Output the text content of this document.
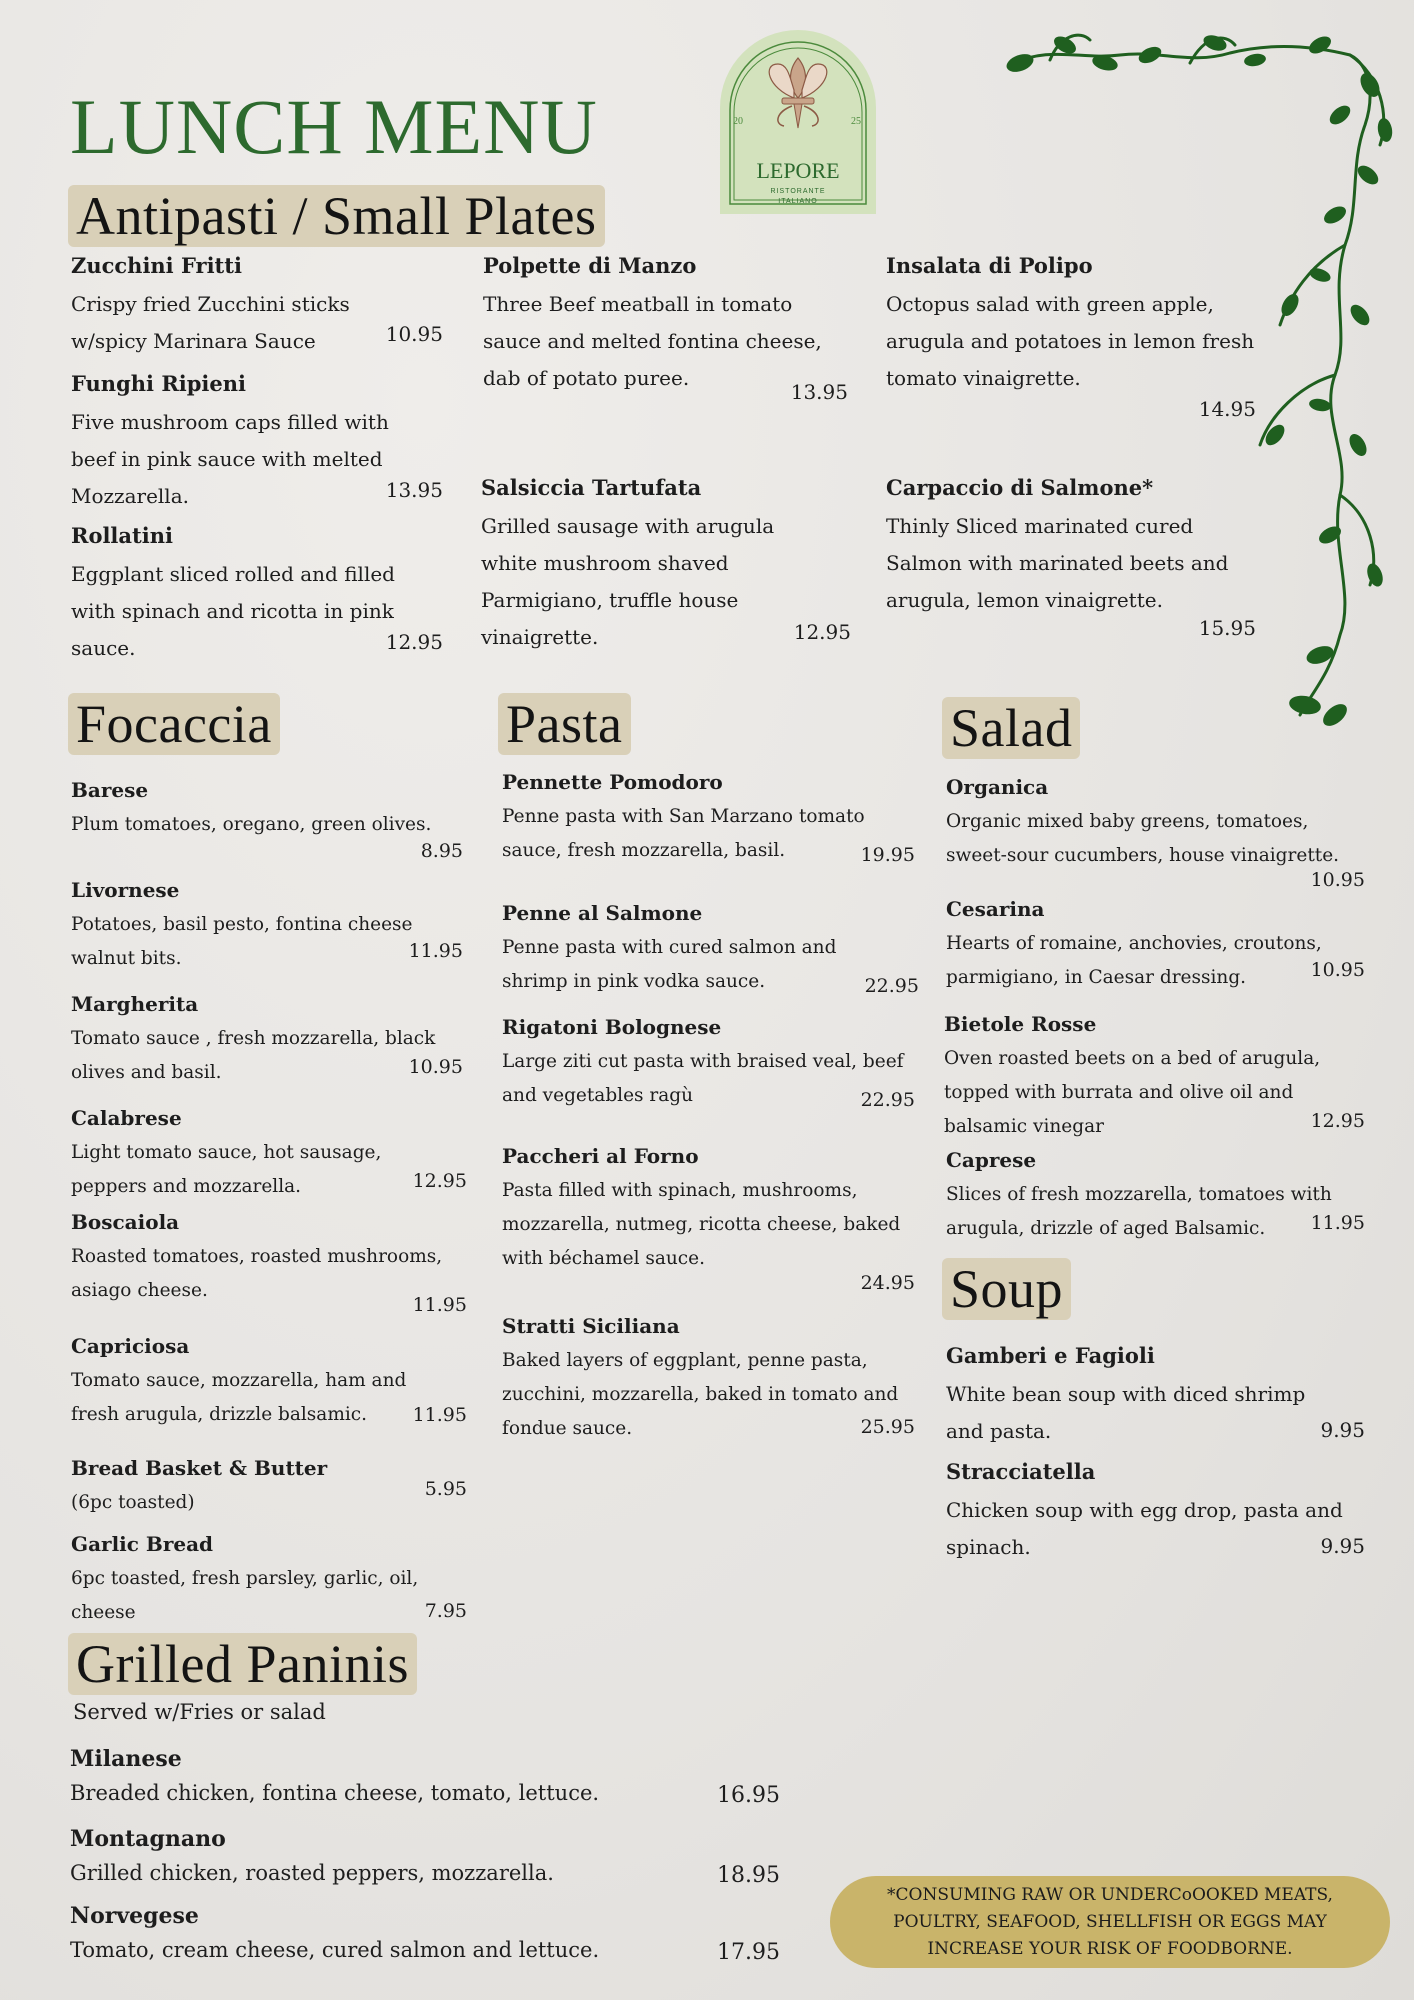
LUNCH MENU	20	25
LEPORE
RISTORANTE
ITALIANO
Antipasti / Small Plates

Zucchini Fritti

Crispy fried Zucchini sticks w/spicy Marinara Sauce	10.95

Funghi Ripieni

Five mushroom caps filled with beef in pink sauce with melted Mozzarella.	13.95

Rollatini

Eggplant sliced rolled and filled with spinach and ricotta in pink sauce.	12.95

Polpette di Manzo

Three Beef meatball in tomato sauce and melted fontina cheese, dab of potato puree.

13.95

Salsiccia Tartufata

Grilled sausage with arugula white mushroom shaved Parmigiano, truffle house vinaigrette.	12.95

Insalata di Polipo

Octopus salad with green apple, arugula and potatoes in lemon fresh tomato vinaigrette.

14.95

Carpaccio di Salmone*

Thinly Sliced marinated cured Salmon with marinated beets and arugula, lemon vinaigrette.

15.95
Focaccia

Barese

Plum tomatoes, oregano, green olives.

8.95

Livornese

Potatoes, basil pesto, fontina cheese walnut bits.	11.95

Margherita

Tomato sauce , fresh mozzarella, black olives and basil.	10.95

Calabrese

Light tomato sauce, hot sausage, peppers and mozzarella.	12.95

Boscaiola

Roasted tomatoes, roasted mushrooms, asiago cheese.

11.95

Capriciosa

Tomato sauce, mozzarella, ham and fresh arugula, drizzle balsamic.	11.95

Bread Basket & Butter

(6pc toasted)

5.95

Garlic Bread

6pc toasted, fresh parsley, garlic, oil, cheese	7.95
Pasta

Pennette Pomodoro

Penne pasta with San Marzano tomato sauce, fresh mozzarella, basil.	19.95

Penne al Salmone

Penne pasta with cured salmon and shrimp in pink vodka sauce.	22.95

Rigatoni Bolognese

Large ziti cut pasta with braised veal, beef and vegetables ragù	22.95

Paccheri al Forno

Pasta filled with spinach, mushrooms, mozzarella, nutmeg, ricotta cheese, baked with béchamel sauce.

24.95

Stratti Siciliana

Baked layers of eggplant, penne pasta, zucchini, mozzarella, baked in tomato and fondue sauce.	25.95
Salad

Organica

Organic mixed baby greens, tomatoes, sweet-sour cucumbers, house vinaigrette.

10.95

Cesarina

Hearts of romaine, anchovies, croutons, parmigiano, in Caesar dressing.	10.95

Bietole Rosse

Oven roasted beets on a bed of arugula, topped with burrata and olive oil and balsamic vinegar	12.95

Caprese

Slices of fresh mozzarella, tomatoes with arugula, drizzle of aged Balsamic.	11.95
Soup

Gamberi e Fagioli

White bean soup with diced shrimp and pasta.	9.95

Stracciatella

Chicken soup with egg drop, pasta and spinach.	9.95
Grilled Paninis

Served w/Fries or salad

Milanese

Breaded chicken, fontina cheese, tomato, lettuce.	16.95

Montagnano

Grilled chicken, roasted peppers, mozzarella.	18.95

Norvegese

Tomato, cream cheese, cured salmon and lettuce.	17.95
*CONSUMING RAW OR UNDERCoOOKED MEATS, POULTRY, SEAFOOD, SHELLFISH OR EGGS MAY INCREASE YOUR RISK OF FOODBORNE.
